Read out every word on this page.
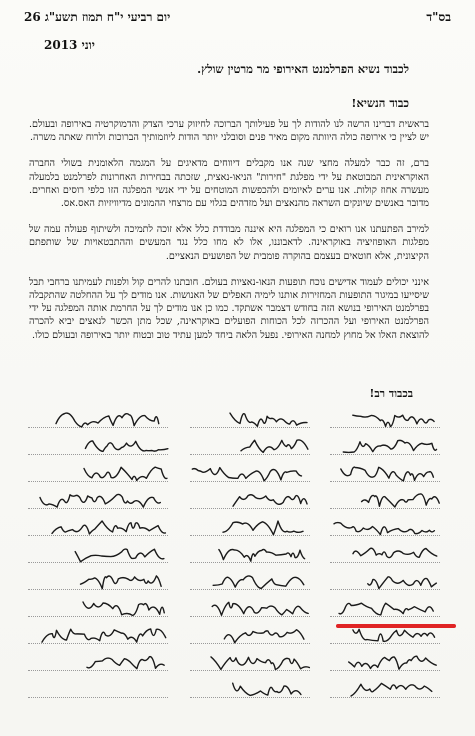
יום רביעי י"ח תמוז תשע"ג 26	בס"ד
יוני 2013
לכבוד נשיא הפרלמנט האירופי מר מרטין שולץ.
כבוד הנשיא!

בראשית דברינו הרשה לנו להודות לך על פעילותך הברוכה לחיזוק ערכי הצדק והדמוקרטיה באירופה ובעולם. יש לציין כי אירופה כולה היוותה מקום מאיר פנים וסובלני יותר הודות ליוזמותיך הברוכות ולרוח שאתה משרה.

ברם, זה כבר למעלה מחצי שנה אנו מקבלים דיווחים מדאיגים על המגמה הלאומנית בשולי החברה האוקראינית המבוטאת על ידי מפלגת "חירות" הניאו-נאצית, שזכתה בבחירות האחרונות לפרלמנט בלמעלה מעשרה אחוז קולות. אנו ערים לאיומים ולהכפשות המוטחים על ידי אנשי המפלגה הזו כלפי רוסים ואחרים. מדובר באנשים שיונקים השראה מהנאצים ועל מזדהים בגלוי עם מרצחי ההמונים מדיוויזיות האס.אס.

למירב הפתעתנו אנו רואים כי המפלגה היא איננה מבודדת כלל אלא זוכה לתמיכה ולשיתוף פעולה עמה של מפלגות האופוזיציה באוקראינה. לדאבוננו, אלו לא מחו כלל נגד המעשים וההתבטאויות של שותפתם הקיצונית, אלא חוטאים בעצמם בהוקרה פומבית של הפושעים הנאציים.

אינני יכולים לעמוד אדישים נוכח תופעות הנאו-נאציות בעולם. חובתנו להרים קול ולפנות לעמיתנו ברחבי תבל שיסייעו במיגור התופעות המחזירות אותנו לימיה האפלים של האנושות. אנו מודים לך על ההחלטה שהתקבלה בפרלמנט האירופי בנושא הזה בחודש דצמבר אשתקד. כמו כן אנו מודים לך על החרמת אותה המפלגה על ידי הפרלמנט האירופי ועל ההכרזה לכל הכוחות הפועלים באוקראינה, שכל מתן הכשר לנאצים יביא להכרה להוצאת האלו אל מחוץ למחנה האירופי. נפעל הלאה ביחד למען עתיד טוב ובטוח יותר באירופה ובעולם כולו.

בכבוד רב!
